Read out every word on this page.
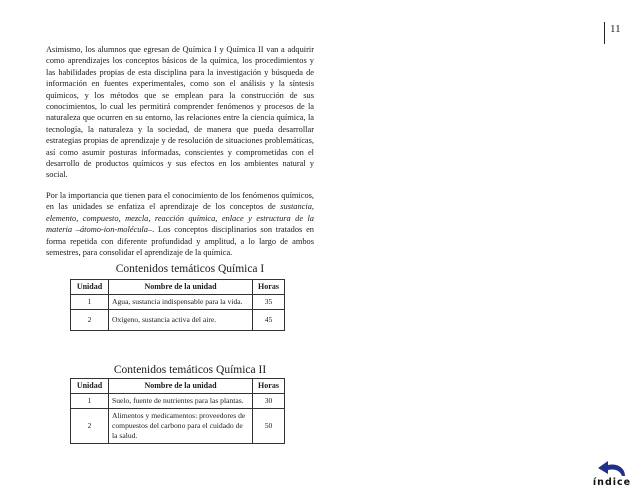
11

Asimismo, los alumnos que egresan de Química I y Química II van a adquirir como aprendizajes los conceptos básicos de la química, los procedimientos y las habilidades propias de esta disciplina para la investigación y búsqueda de información en fuentes experimentales, como son el análisis y la síntesis químicos, y los métodos que se emplean para la construcción de sus conocimientos, lo cual les permitirá comprender fenómenos y procesos de la naturaleza que ocurren en su entorno, las relaciones entre la ciencia química, la tecnología, la naturaleza y la sociedad, de manera que pueda desarrollar estrategias propias de aprendizaje y de resolución de situaciones problemáticas, así como asumir posturas informadas, conscientes y comprometidas con el desarrollo de productos químicos y sus efectos en los ambientes natural y social.

Por la importancia que tienen para el conocimiento de los fenómenos químicos, en las unidades se enfatiza el aprendizaje de los conceptos de sustancia, elemento, compuesto, mezcla, reacción química, enlace y estructura de la materia –átomo-ion-molécula–. Los conceptos disciplinarios son tratados en forma repetida con diferente profundidad y amplitud, a lo largo de ambos semestres, para consolidar el aprendizaje de la química.

Contenidos temáticos Química I
Unidad	Nombre de la unidad	Horas
1	Agua, sustancia indispensable para la vida.	35
2	Oxígeno, sustancia activa del aire.	45
Contenidos temáticos Química II
Unidad	Nombre de la unidad	Horas
1	Suelo, fuente de nutrientes para las plantas.	30
2	Alimentos y medicamentos: proveedores de compuestos del carbono para el cuidado de la salud.	50
índice
